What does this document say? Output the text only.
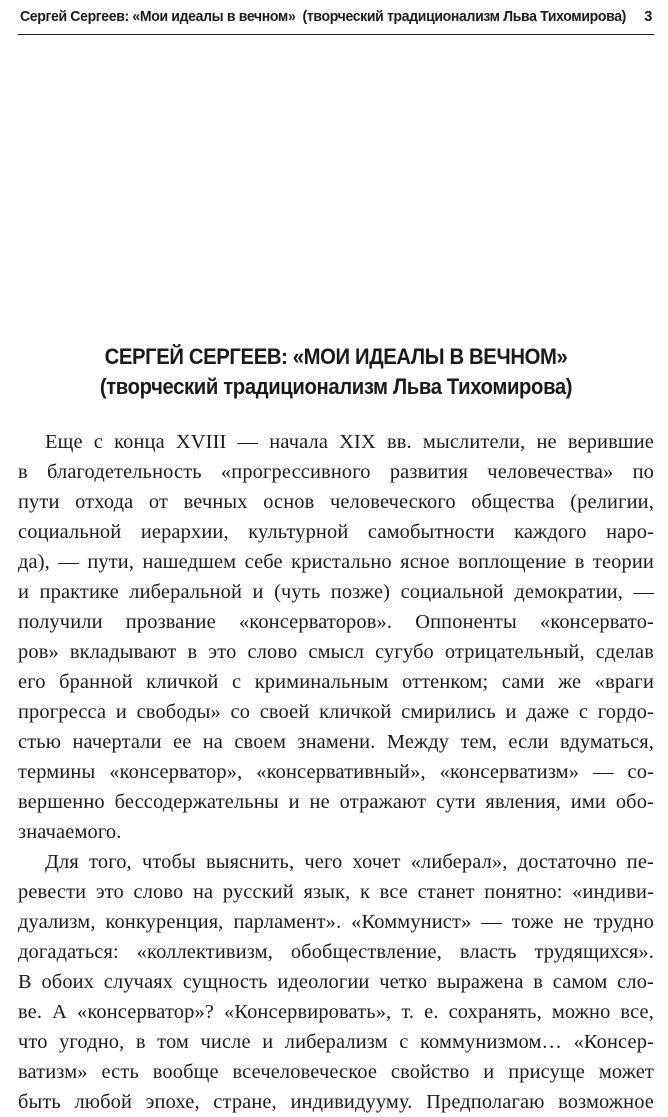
Сергей Сергеев: «Мои идеалы в вечном»  (творческий традиционализм Льва Тихомирова) 3
СЕРГЕЙ СЕРГЕЕВ: «МОИ ИДЕАЛЫ В ВЕЧНОМ»
(творческий традиционализм Льва Тихомирова)
Еще с конца XVIII — начала XIX вв. мыслители, не верившие
в благодетельность «прогрессивного развития человечества» по
пути отхода от вечных основ человеческого общества (религии,
социальной иерархии, культурной самобытности каждого наро-
да), — пути, нашедшем себе кристально ясное воплощение в теории
и практике либеральной и (чуть позже) социальной демократии, —
получили прозвание «консерваторов». Оппоненты «консервато-
ров» вкладывают в это слово смысл сугубо отрицательный, сделав
его бранной кличкой с криминальным оттенком; сами же «враги
прогресса и свободы» со своей кличкой смирились и даже с гордо-
стью начертали ее на своем знамени. Между тем, если вдуматься,
термины «консерватор», «консервативный», «консерватизм» — со-
вершенно бессодержательны и не отражают сути явления, ими обо-
значаемого.
Для того, чтобы выяснить, чего хочет «либерал», достаточно пе-
ревести это слово на русский язык, к все станет понятно: «индиви-
дуализм, конкуренция, парламент». «Коммунист» — тоже не трудно
догадаться: «коллективизм, обобществление, власть трудящихся».
В обоих случаях сущность идеологии четко выражена в самом сло-
ве. А «консерватор»? «Консервировать», т. е. сохранять, можно все,
что угодно, в том числе и либерализм с коммунизмом… «Консер-
ватизм» есть вообще всечеловеческое свойство и присуще может
быть любой эпохе, стране, индивидууму. Предполагаю возможное
